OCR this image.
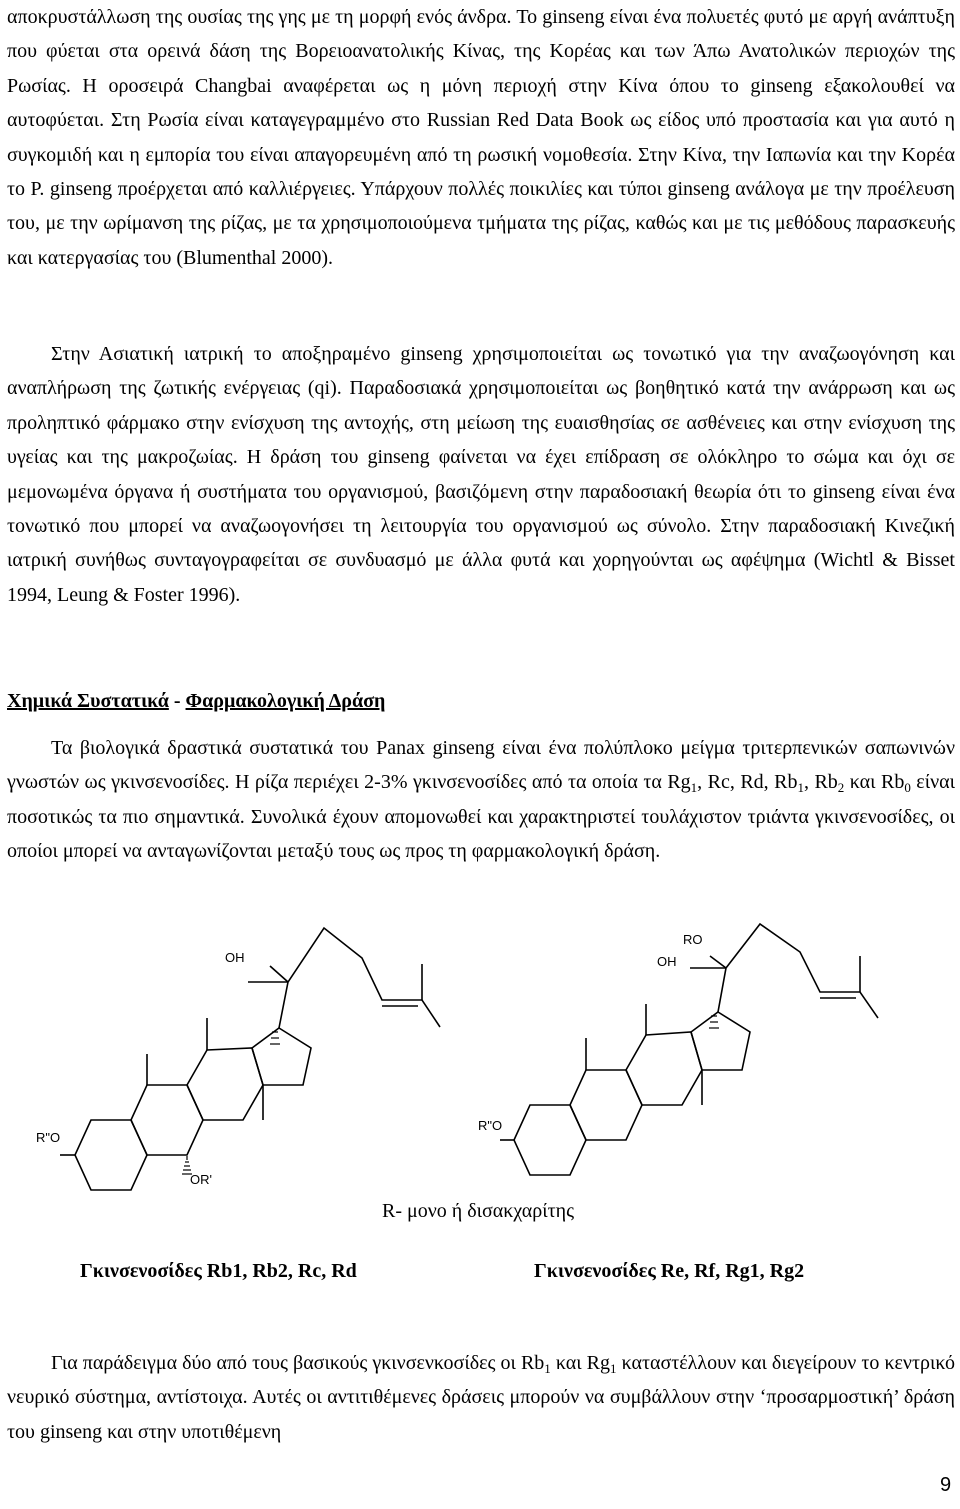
αποκρυστάλλωση της ουσίας της γης με τη μορφή ενός άνδρα. Το ginseng είναι ένα πολυετές φυτό με αργή ανάπτυξη που φύεται στα ορεινά δάση της Βορειοανατολικής Κίνας, της Κορέας και των Άπω Ανατολικών περιοχών της Ρωσίας. Η οροσειρά Changbai αναφέρεται ως η μόνη περιοχή στην Κίνα όπου το ginseng εξακολουθεί να αυτοφύεται. Στη Ρωσία είναι καταγεγραμμένο στο Russian Red Data Book ως είδος υπό προστασία και για αυτό η συγκομιδή και η εμπορία του είναι απαγορευμένη από τη ρωσική νομοθεσία. Στην Κίνα, την Ιαπωνία και την Κορέα το P. ginseng προέρχεται από καλλιέργειες. Υπάρχουν πολλές ποικιλίες και τύποι ginseng ανάλογα με την προέλευση του, με την ωρίμανση της ρίζας, με τα χρησιμοποιούμενα τμήματα της ρίζας, καθώς και με τις μεθόδους παρασκευής και κατεργασίας του (Blumenthal 2000).

Στην Ασιατική ιατρική το αποξηραμένο ginseng χρησιμοποιείται ως τονωτικό για την αναζωογόνηση και αναπλήρωση της ζωτικής ενέργειας (qi). Παραδοσιακά χρησιμοποιείται ως βοηθητικό κατά την ανάρρωση και ως προληπτικό φάρμακο στην ενίσχυση της αντοχής, στη μείωση της ευαισθησίας σε ασθένειες και στην ενίσχυση της υγείας και της μακροζωίας. Η δράση του ginseng φαίνεται να έχει επίδραση σε ολόκληρο το σώμα και όχι σε μεμονωμένα όργανα ή συστήματα του οργανισμού, βασιζόμενη στην παραδοσιακή θεωρία ότι το ginseng είναι ένα τονωτικό που μπορεί να αναζωογονήσει τη λειτουργία του οργανισμού ως σύνολο. Στην παραδοσιακή Κινεζική ιατρική συνήθως συνταγογραφείται σε συνδυασμό με άλλα φυτά και χορηγούνται ως αφέψημα (Wichtl & Bisset 1994, Leung & Foster 1996).

Χημικά Συστατικά - Φαρμακολογική Δράση

Τα βιολογικά δραστικά συστατικά του Panax ginseng είναι ένα πολύπλοκο μείγμα τριτερπενικών σαπωνινών γνωστών ως γκινσενοσίδες. Η ρίζα περιέχει 2-3% γκινσενοσίδες από τα οποία τα $Rg_1$, Rc, Rd, $Rb_1$, $Rb_2$ και $Rb_0$ είναι ποσοτικώς τα πιο σημαντικά. Συνολικά έχουν απομονωθεί και χαρακτηριστεί τουλάχιστον τριάντα γκινσενοσίδες, οι οποίοι μπορεί να ανταγωνίζονται μεταξύ τους ως προς τη φαρμακολογική δράση.

OH
R"O
OR'
RO
OH
R"O
R- μονο ή δισακχαρίτης
Γκινσενοσίδες Rb1, Rb2, Rc, Rd	Γκινσενοσίδες Re, Rf, Rg1, Rg2

Για παράδειγμα δύο από τους βασικούς γκινσενκοσίδες οι $Rb_1$ και $Rg_1$ καταστέλλουν και διεγείρουν το κεντρικό νευρικό σύστημα, αντίστοιχα. Αυτές οι αντιτιθέμενες δράσεις μπορούν να συμβάλλουν στην ‘προσαρμοστική’ δράση του ginseng και στην υποτιθέμενη

9
